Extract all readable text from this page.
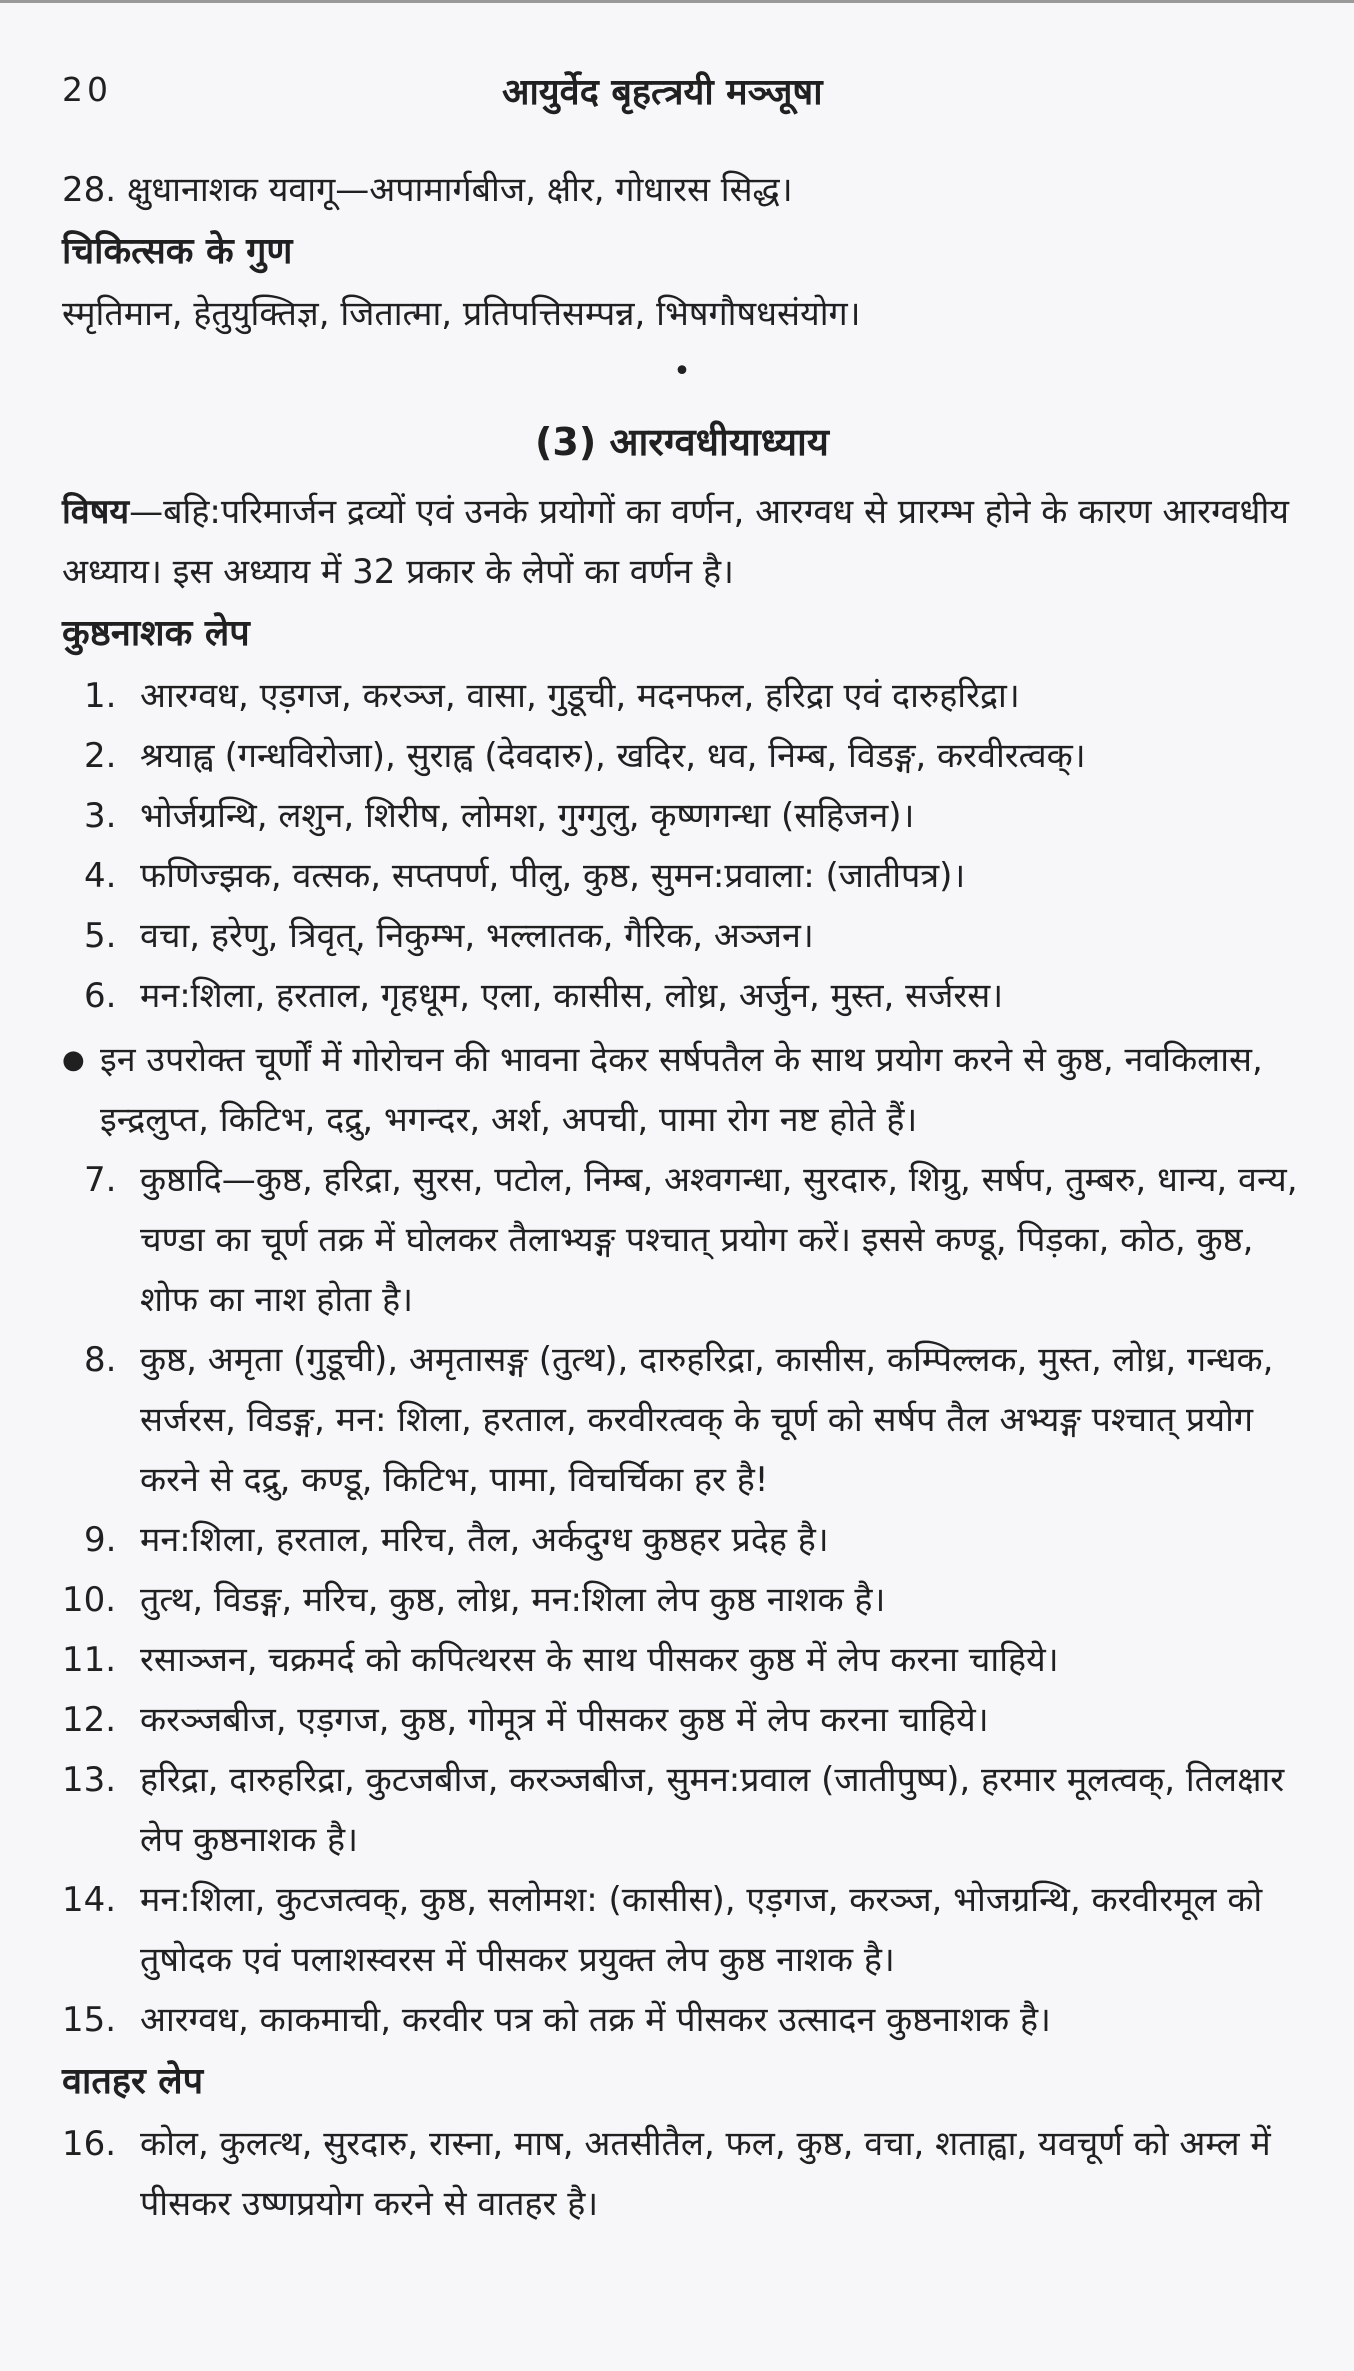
20	आयुर्वेद बृहत्त्रयी मञ्जूषा
28. क्षुधानाशक यवागू—अपामार्गबीज, क्षीर, गोधारस सिद्ध।
चिकित्सक के गुण
स्मृतिमान, हेतुयुक्तिज्ञ, जितात्मा, प्रतिपत्तिसम्पन्न, भिषगौषधसंयोग।
•
(3) आरग्वधीयाध्याय
विषय—बहि:परिमार्जन द्रव्यों एवं उनके प्रयोगों का वर्णन, आरग्वध से प्रारम्भ होने के कारण आरग्वधीय अध्याय। इस अध्याय में 32 प्रकार के लेपों का वर्णन है।
कुष्ठनाशक लेप
1. आरग्वध, एड़गज, करञ्ज, वासा, गुडूची, मदनफल, हरिद्रा एवं दारुहरिद्रा।
2. श्रयाह्व (गन्धविरोजा), सुराह्व (देवदारु), खदिर, धव, निम्ब, विडङ्ग, करवीरत्वक्।
3. भोर्जग्रन्थि, लशुन, शिरीष, लोमश, गुग्गुलु, कृष्णगन्धा (सहिजन)।
4. फणिज्झक, वत्सक, सप्तपर्ण, पीलु, कुष्ठ, सुमन:प्रवाला: (जातीपत्र)।
5. वचा, हरेणु, त्रिवृत्, निकुम्भ, भल्लातक, गैरिक, अञ्जन।
6. मन:शिला, हरताल, गृहधूम, एला, कासीस, लोध्र, अर्जुन, मुस्त, सर्जरस।
● इन उपरोक्त चूर्णों में गोरोचन की भावना देकर सर्षपतैल के साथ प्रयोग करने से कुष्ठ, नवकिलास, इन्द्रलुप्त, किटिभ, दद्रु, भगन्दर, अर्श, अपची, पामा रोग नष्ट होते हैं।
7. कुष्ठादि—कुष्ठ, हरिद्रा, सुरस, पटोल, निम्ब, अश्वगन्धा, सुरदारु, शिग्रु, सर्षप, तुम्बरु, धान्य, वन्य, चण्डा का चूर्ण तक्र में घोलकर तैलाभ्यङ्ग पश्चात् प्रयोग करें। इससे कण्डू, पिड़का, कोठ, कुष्ठ, शोफ का नाश होता है।
8. कुष्ठ, अमृता (गुडूची), अमृतासङ्ग (तुत्थ), दारुहरिद्रा, कासीस, कम्पिल्लक, मुस्त, लोध्र, गन्धक, सर्जरस, विडङ्ग, मन: शिला, हरताल, करवीरत्वक् के चूर्ण को सर्षप तैल अभ्यङ्ग पश्चात् प्रयोग करने से दद्रु, कण्डू, किटिभ, पामा, विचर्चिका हर है!
9. मन:शिला, हरताल, मरिच, तैल, अर्कदुग्ध कुष्ठहर प्रदेह है।
10. तुत्थ, विडङ्ग, मरिच, कुष्ठ, लोध्र, मन:शिला लेप कुष्ठ नाशक है।
11. रसाञ्जन, चक्रमर्द को कपित्थरस के साथ पीसकर कुष्ठ में लेप करना चाहिये।
12. करञ्जबीज, एड़गज, कुष्ठ, गोमूत्र में पीसकर कुष्ठ में लेप करना चाहिये।
13. हरिद्रा, दारुहरिद्रा, कुटजबीज, करञ्जबीज, सुमन:प्रवाल (जातीपुष्प), हरमार मूलत्वक्, तिलक्षार लेप कुष्ठनाशक है।
14. मन:शिला, कुटजत्वक्, कुष्ठ, सलोमश: (कासीस), एड़गज, करञ्ज, भोजग्रन्थि, करवीरमूल को तुषोदक एवं पलाशस्वरस में पीसकर प्रयुक्त लेप कुष्ठ नाशक है।
15. आरग्वध, काकमाची, करवीर पत्र को तक्र में पीसकर उत्सादन कुष्ठनाशक है।
वातहर लेप
16. कोल, कुलत्थ, सुरदारु, रास्ना, माष, अतसीतैल, फल, कुष्ठ, वचा, शताह्वा, यवचूर्ण को अम्ल में पीसकर उष्णप्रयोग करने से वातहर है।
